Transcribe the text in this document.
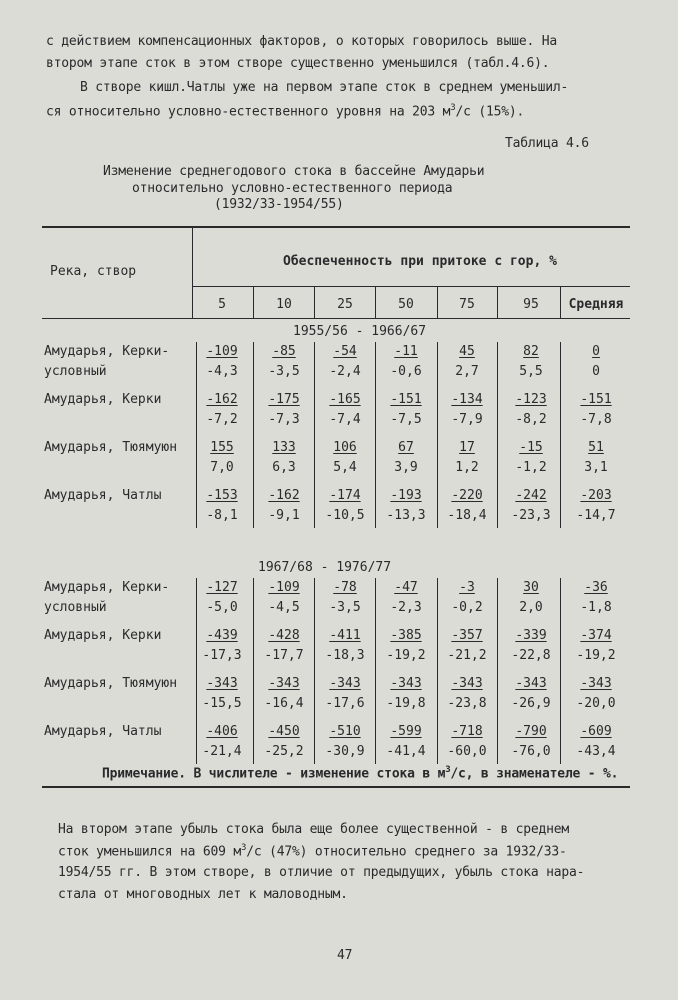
с действием компенсационных факторов, о которых говорилось выше. На
втором этапе сток в этом створе существенно уменьшился (табл.4.6).
В створе кишл.Чатлы уже на первом этапе сток в среднем уменьшил-
ся относительно условно-естественного уровня на 203 $м^3/с$ (15%).
Таблица 4.6
Изменение среднегодового стока в бассейне Амударьи
относительно условно-естественного периода
(1932/33-1954/55)
Река, створ
Обеспеченность при притоке с гор, %
5	10	25	50	75	95	Средняя
1955/56 - 1966/67
Амударья, Керки-
условный
-109	-85	-54	-11	45	82	0
-4,3	-3,5	-2,4	-0,6	2,7	5,5	0
Амударья, Керки	-162	-175	-165	-151	-134	-123	-151
-7,2	-7,3	-7,4	-7,5	-7,9	-8,2	-7,8
Амударья, Тюямуюн	155	133	106	67	17	-15	51
7,0	6,3	5,4	3,9	1,2	-1,2	3,1
Амударья, Чатлы	-153	-162	-174	-193	-220	-242	-203
-8,1	-9,1	-10,5	-13,3	-18,4	-23,3	-14,7
1967/68 - 1976/77
Амударья, Керки-
условный
-127	-109	-78	-47	-3	30	-36
-5,0	-4,5	-3,5	-2,3	-0,2	2,0	-1,8
Амударья, Керки	-439	-428	-411	-385	-357	-339	-374
-17,3	-17,7	-18,3	-19,2	-21,2	-22,8	-19,2
Амударья, Тюямуюн	-343	-343	-343	-343	-343	-343	-343
-15,5	-16,4	-17,6	-19,8	-23,8	-26,9	-20,0
Амударья, Чатлы	-406	-450	-510	-599	-718	-790	-609
-21,4	-25,2	-30,9	-41,4	-60,0	-76,0	-43,4
Примечание. В числителе - изменение стока в $м^3/с$, в знаменателе - %.
На втором этапе убыль стока была еще более существенной - в среднем
сток уменьшился на 609 $м^3/с$ (47%) относительно среднего за 1932/33-
1954/55 гг. В этом створе, в отличие от предыдущих, убыль стока нара-
стала от многоводных лет к маловодным.
47
